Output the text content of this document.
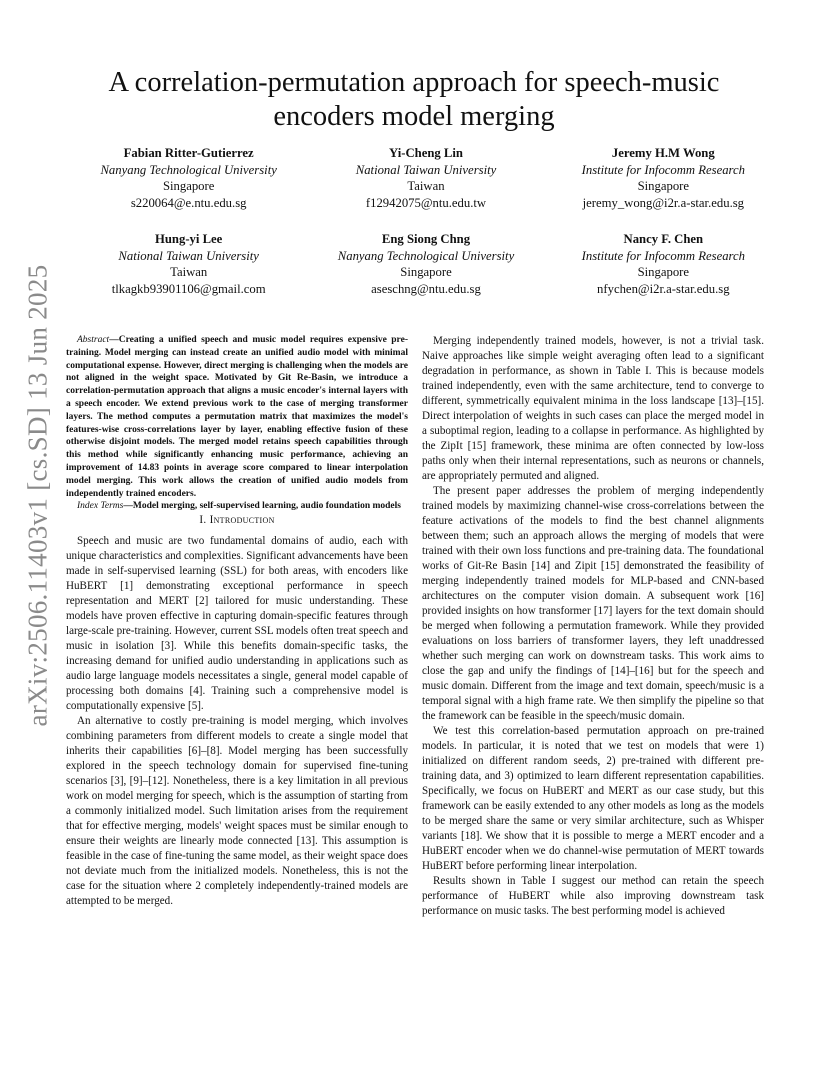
arXiv:2506.11403v1 [cs.SD] 13 Jun 2025
A correlation-permutation approach for speech-music encoders model merging
Fabian Ritter-Gutierrez
Nanyang Technological University
Singapore
s220064@e.ntu.edu.sg
Yi-Cheng Lin
National Taiwan University
Taiwan
f12942075@ntu.edu.tw
Jeremy H.M Wong
Institute for Infocomm Research
Singapore
jeremy_wong@i2r.a-star.edu.sg
Hung-yi Lee
National Taiwan University
Taiwan
tlkagkb93901106@gmail.com
Eng Siong Chng
Nanyang Technological University
Singapore
aseschng@ntu.edu.sg
Nancy F. Chen
Institute for Infocomm Research
Singapore
nfychen@i2r.a-star.edu.sg

Abstract—Creating a unified speech and music model requires expensive pre-training. Model merging can instead create an unified audio model with minimal computational expense. However, direct merging is challenging when the models are not aligned in the weight space. Motivated by Git Re-Basin, we introduce a correlation-permutation approach that aligns a music encoder's internal layers with a speech encoder. We extend previous work to the case of merging transformer layers. The method computes a permutation matrix that maximizes the model's features-wise cross-correlations layer by layer, enabling effective fusion of these otherwise disjoint models. The merged model retains speech capabilities through this method while significantly enhancing music performance, achieving an improvement of 14.83 points in average score compared to linear interpolation model merging. This work allows the creation of unified audio models from independently trained encoders.

Index Terms—Model merging, self-supervised learning, audio foundation models

I. Introduction

Speech and music are two fundamental domains of audio, each with unique characteristics and complexities. Significant advancements have been made in self-supervised learning (SSL) for both areas, with encoders like HuBERT [1] demonstrating exceptional performance in speech representation and MERT [2] tailored for music understanding. These models have proven effective in capturing domain-specific features through large-scale pre-training. However, current SSL models often treat speech and music in isolation [3]. While this benefits domain-specific tasks, the increasing demand for unified audio understanding in applications such as audio large language models necessitates a single, general model capable of processing both domains [4]. Training such a comprehensive model is computationally expensive [5].

An alternative to costly pre-training is model merging, which involves combining parameters from different models to create a single model that inherits their capabilities [6]–[8]. Model merging has been successfully explored in the speech technology domain for supervised fine-tuning scenarios [3], [9]–[12]. Nonetheless, there is a key limitation in all previous work on model merging for speech, which is the assumption of starting from a commonly initialized model. Such limitation arises from the requirement that for effective merging, models' weight spaces must be similar enough to ensure their weights are linearly mode connected [13]. This assumption is feasible in the case of fine-tuning the same model, as their weight space does not deviate much from the initialized models. Nonetheless, this is not the case for the situation where 2 completely independently-trained models are attempted to be merged.

Merging independently trained models, however, is not a trivial task. Naive approaches like simple weight averaging often lead to a significant degradation in performance, as shown in Table I. This is because models trained independently, even with the same architecture, tend to converge to different, symmetrically equivalent minima in the loss landscape [13]–[15]. Direct interpolation of weights in such cases can place the merged model in a suboptimal region, leading to a collapse in performance. As highlighted by the ZipIt [15] framework, these minima are often connected by low-loss paths only when their internal representations, such as neurons or channels, are appropriately permuted and aligned.

The present paper addresses the problem of merging independently trained models by maximizing channel-wise cross-correlations between the feature activations of the models to find the best channel alignments between them; such an approach allows the merging of models that were trained with their own loss functions and pre-training data. The foundational works of Git-Re Basin [14] and Zipit [15] demonstrated the feasibility of merging independently trained models for MLP-based and CNN-based architectures on the computer vision domain. A subsequent work [16] provided insights on how transformer [17] layers for the text domain should be merged when following a permutation framework. While they provided evaluations on loss barriers of transformer layers, they left unaddressed whether such merging can work on downstream tasks. This work aims to close the gap and unify the findings of [14]–[16] but for the speech and music domain. Different from the image and text domain, speech/music is a temporal signal with a high frame rate. We then simplify the pipeline so that the framework can be feasible in the speech/music domain.

We test this correlation-based permutation approach on pre-trained models. In particular, it is noted that we test on models that were 1) initialized on different random seeds, 2) pre-trained with different pre-training data, and 3) optimized to learn different representation capabilities. Specifically, we focus on HuBERT and MERT as our case study, but this framework can be easily extended to any other models as long as the models to be merged share the same or very similar architecture, such as Whisper variants [18]. We show that it is possible to merge a MERT encoder and a HuBERT encoder when we do channel-wise permutation of MERT towards HuBERT before performing linear interpolation.

Results shown in Table I suggest our method can retain the speech performance of HuBERT while also improving downstream task performance on music tasks. The best performing model is achieved
